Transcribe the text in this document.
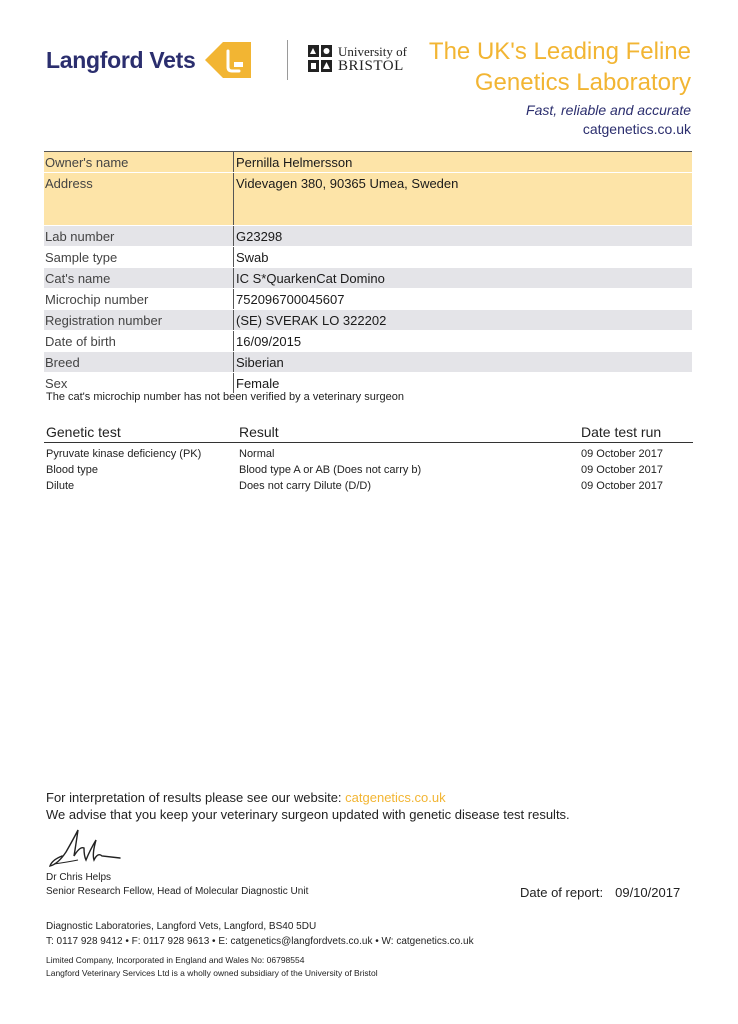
Langford Vets	University of
BRISTOL
The UK's Leading Feline
Genetics Laboratory
Fast, reliable and accurate
catgenetics.co.uk
Owner's name	Pernilla Helmersson
Address	Videvagen 380, 90365 Umea, Sweden
Lab number	G23298
Sample type	Swab
Cat's name	IC S*QuarkenCat Domino
Microchip number	752096700045607
Registration number	(SE) SVERAK LO 322202
Date of birth	16/09/2015
Breed	Siberian
Sex	Female
The cat's microchip number has not been verified by a veterinary surgeon
Genetic test	Result	Date test run
Pyruvate kinase deficiency (PK)	Normal	09 October 2017
Blood type	Blood type A or AB (Does not carry b)	09 October 2017
Dilute	Does not carry Dilute (D/D)	09 October 2017
For interpretation of results please see our website: catgenetics.co.uk
We advise that you keep your veterinary surgeon updated with genetic disease test results.
Dr Chris Helps
Senior Research Fellow, Head of Molecular Diagnostic Unit	Date of report: 09/10/2017
Diagnostic Laboratories, Langford Vets, Langford, BS40 5DU
T: 0117 928 9412 • F: 0117 928 9613 • E: catgenetics@langfordvets.co.uk • W: catgenetics.co.uk
Limited Company, Incorporated in England and Wales No: 06798554
Langford Veterinary Services Ltd is a wholly owned subsidiary of the University of Bristol
